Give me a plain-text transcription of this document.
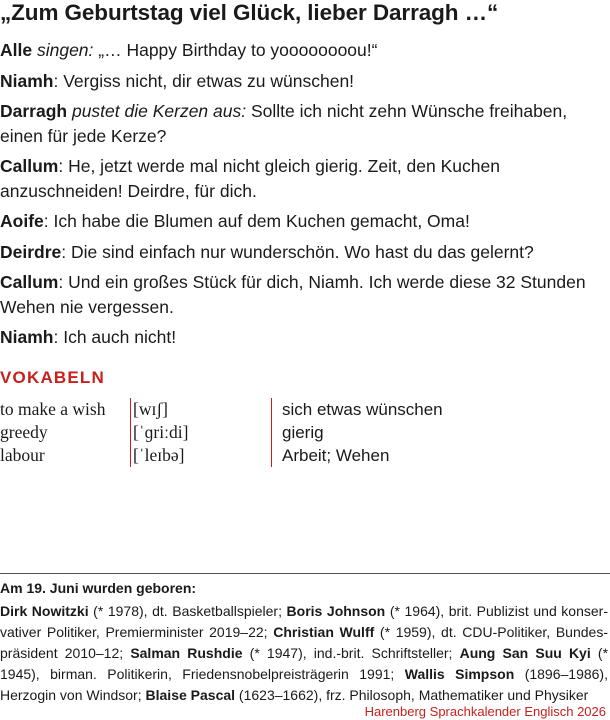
„Zum Geburtstag viel Glück, lieber Darragh …“

Alle singen: „… Happy Birthday to yoooooooou!“

Niamh: Vergiss nicht, dir etwas zu wünschen!

Darragh pustet die Kerzen aus: Sollte ich nicht zehn Wünsche freihaben, einen für jede Kerze?

Callum: He, jetzt werde mal nicht gleich gierig. Zeit, den Kuchen anzuschneiden! Deirdre, für dich.

Aoife: Ich habe die Blumen auf dem Kuchen gemacht, Oma!

Deirdre: Die sind einfach nur wunderschön. Wo hast du das gelernt?

Callum: Und ein großes Stück für dich, Niamh. Ich werde diese 32 Stunden Wehen nie vergessen.

Niamh: Ich auch nicht!

VOKABELN
to make a wish	[wɪʃ]	sich etwas wünschen
greedy	[ˈɡriːdi]	gierig
labour	[ˈleɪbə]	Arbeit; Wehen
Am 19. Juni wurden geboren:
Dirk Nowitzki (* 1978), dt. Basketballspieler; Boris Johnson (* 1964), brit. Publizist und konservativer Politiker, Premierminister 2019–22; Christian Wulff (* 1959), dt. CDU-Politiker, Bundespräsident 2010–12; Salman Rushdie (* 1947), ind.-brit. Schriftsteller; Aung San Suu Kyi (* 1945), birman. Politikerin, Friedensnobelpreisträgerin 1991; Wallis Simpson (1896–1986), Herzogin von Windsor; Blaise Pascal (1623–1662), frz. Philosoph, Mathematiker und Physiker
Harenberg Sprachkalender Englisch 2026
